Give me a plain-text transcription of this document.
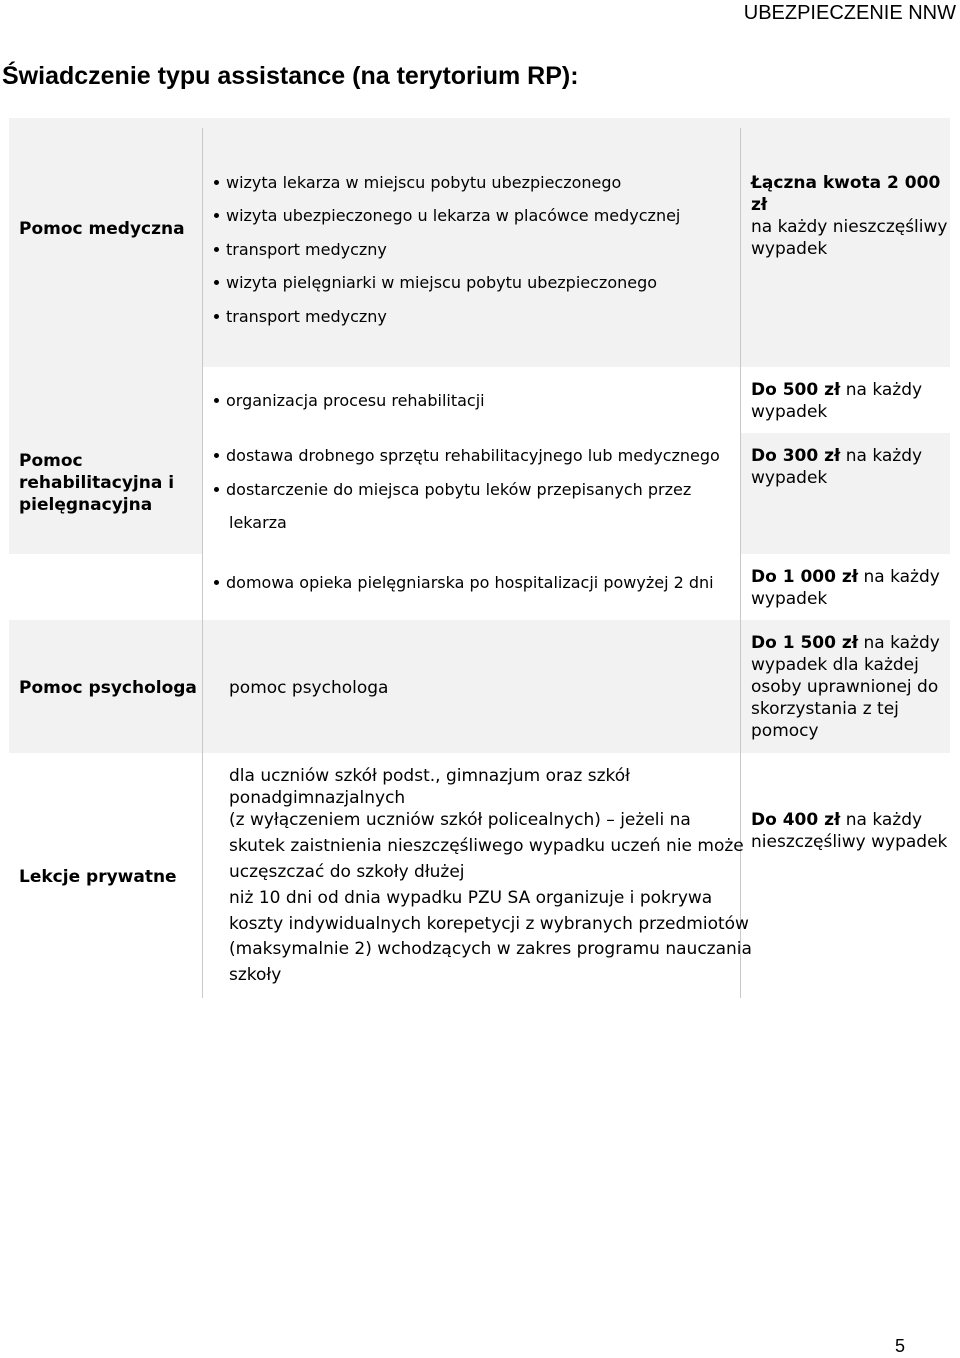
UBEZPIECZENIE NNW
Świadczenie typu assistance (na terytorium RP):
Pomoc medyczna
wizyta lekarza w miejscu pobytu ubezpieczonego
wizyta ubezpieczonego u lekarza w placówce medycznej
transport medyczny
wizyta pielęgniarki w miejscu pobytu ubezpieczonego
transport medyczny
Łączna kwota 2 000
zł
na każdy nieszczęśliwy
wypadek
Pomoc
rehabilitacyjna i
pielęgnacyjna
organizacja procesu rehabilitacji
Do 500 zł na każdy
wypadek
dostawa drobnego sprzętu rehabilitacyjnego lub medycznego
dostarczenie do miejsca pobytu leków przepisanych przez
lekarza
Do 300 zł na każdy
wypadek
domowa opieka pielęgniarska po hospitalizacji powyżej 2 dni Do 1 000 zł na każdy
wypadek
Pomoc psychologa pomoc psychologa
Do 1 500 zł na każdy
wypadek dla każdej
osoby uprawnionej do
skorzystania z tej
pomocy
Lekcje prywatne
dla uczniów szkół podst., gimnazjum oraz szkół
ponadgimnazjalnych
(z wyłączeniem uczniów szkół policealnych) – jeżeli na
skutek zaistnienia nieszczęśliwego wypadku uczeń nie może
uczęszczać do szkoły dłużej
niż 10 dni od dnia wypadku PZU SA organizuje i pokrywa
koszty indywidualnych korepetycji z wybranych przedmiotów
(maksymalnie 2) wchodzących w zakres programu nauczania
szkoły
Do 400 zł na każdy
nieszczęśliwy wypadek
5
